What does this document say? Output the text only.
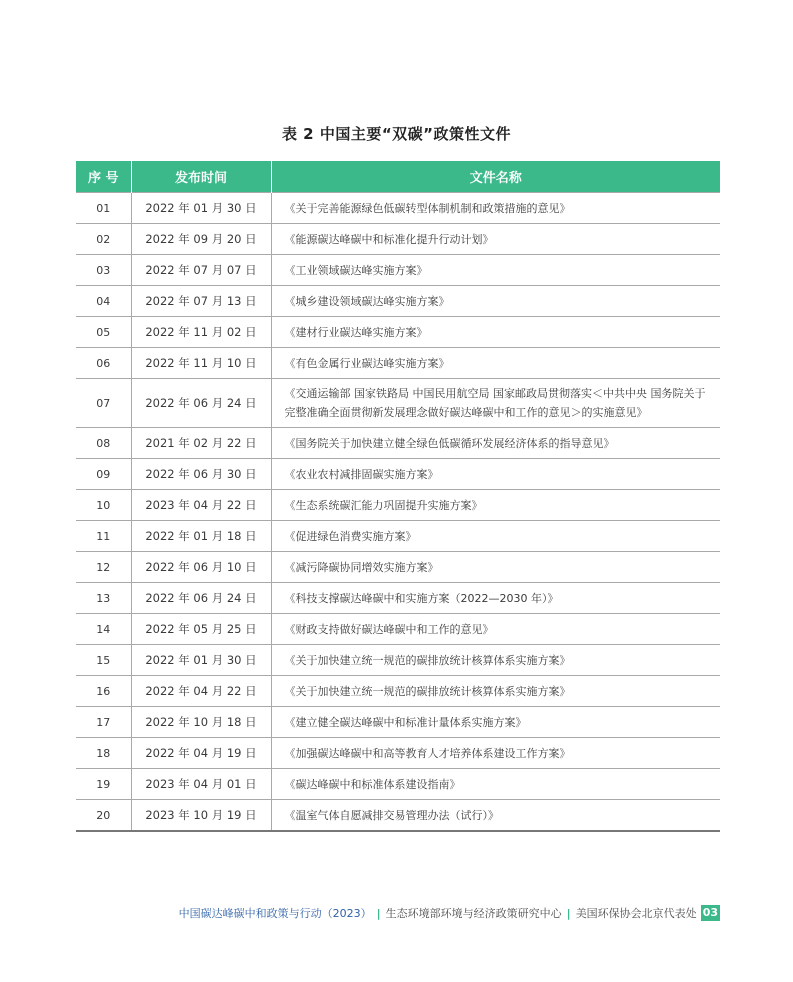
表 2 中国主要“双碳”政策性文件
序 号	发布时间	文件名称
01	2022 年 01 月 30 日	《关于完善能源绿色低碳转型体制机制和政策措施的意见》
02	2022 年 09 月 20 日	《能源碳达峰碳中和标准化提升行动计划》
03	2022 年 07 月 07 日	《工业领域碳达峰实施方案》
04	2022 年 07 月 13 日	《城乡建设领域碳达峰实施方案》
05	2022 年 11 月 02 日	《建材行业碳达峰实施方案》
06	2022 年 11 月 10 日	《有色金属行业碳达峰实施方案》
07	2022 年 06 月 24 日	《交通运输部 国家铁路局 中国民用航空局 国家邮政局贯彻落实＜中共中央 国务院关于完整准确全面贯彻新发展理念做好碳达峰碳中和工作的意见＞的实施意见》
08	2021 年 02 月 22 日	《国务院关于加快建立健全绿色低碳循环发展经济体系的指导意见》
09	2022 年 06 月 30 日	《农业农村减排固碳实施方案》
10	2023 年 04 月 22 日	《生态系统碳汇能力巩固提升实施方案》
11	2022 年 01 月 18 日	《促进绿色消费实施方案》
12	2022 年 06 月 10 日	《减污降碳协同增效实施方案》
13	2022 年 06 月 24 日	《科技支撑碳达峰碳中和实施方案（2022—2030 年）》
14	2022 年 05 月 25 日	《财政支持做好碳达峰碳中和工作的意见》
15	2022 年 01 月 30 日	《关于加快建立统一规范的碳排放统计核算体系实施方案》
16	2022 年 04 月 22 日	《关于加快建立统一规范的碳排放统计核算体系实施方案》
17	2022 年 10 月 18 日	《建立健全碳达峰碳中和标准计量体系实施方案》
18	2022 年 04 月 19 日	《加强碳达峰碳中和高等教育人才培养体系建设工作方案》
19	2023 年 04 月 01 日	《碳达峰碳中和标准体系建设指南》
20	2023 年 10 月 19 日	《温室气体自愿减排交易管理办法（试行）》
中国碳达峰碳中和政策与行动（2023） | 生态环境部环境与经济政策研究中心 | 美国环保协会北京代表处 03
